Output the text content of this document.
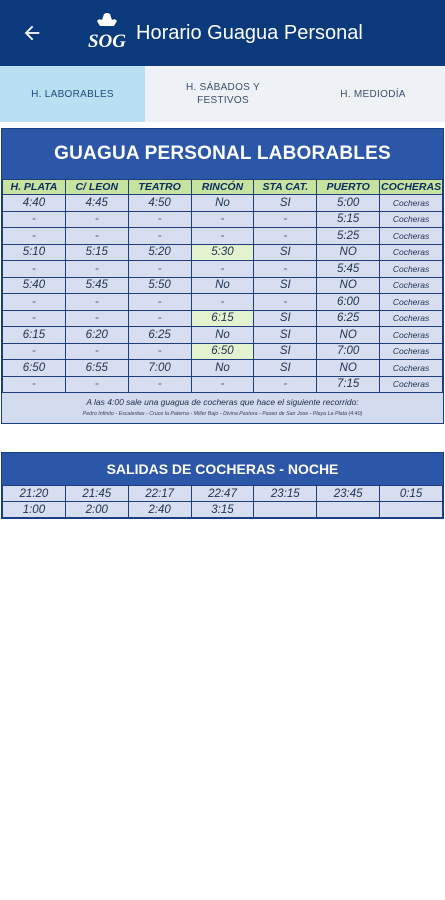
SOG Horario Guagua Personal
H. LABORABLES
H. SÁBADOS Y FESTIVOS
H. MEDIODÍA
GUAGUA PERSONAL LABORABLES
H. PLATA	C/ LEON	TEATRO	RINCÓN	STA CAT.	PUERTO	COCHERAS
4:40	4:45	4:50	No	SI	5:00	Cocheras
-	-	-	-	-	5:15	Cocheras
-	-	-	-	-	5:25	Cocheras
5:10	5:15	5:20	5:30	SI	NO	Cocheras
-	-	-	-	-	5:45	Cocheras
5:40	5:45	5:50	No	SI	NO	Cocheras
-	-	-	-	-	6:00	Cocheras
-	-	-	6:15	SI	6:25	Cocheras
6:15	6:20	6:25	No	SI	NO	Cocheras
-	-	-	6:50	SI	7:00	Cocheras
6:50	6:55	7:00	No	SI	NO	Cocheras
-	-	-	-	-	7:15	Cocheras
A las 4:00 sale una guagua de cocheras que hace el siguiente recorrido:
Pedro Infinito - Escaleritas - Cruce la Paterna - Miller Bajo - Divina Pastora - Paseo de San Jose - Playa La Plata (4:40)
SALIDAS DE COCHERAS - NOCHE
21:20	21:45	22:17	22:47	23:15	23:45	0:15
1:00	2:00	2:40	3:15			
